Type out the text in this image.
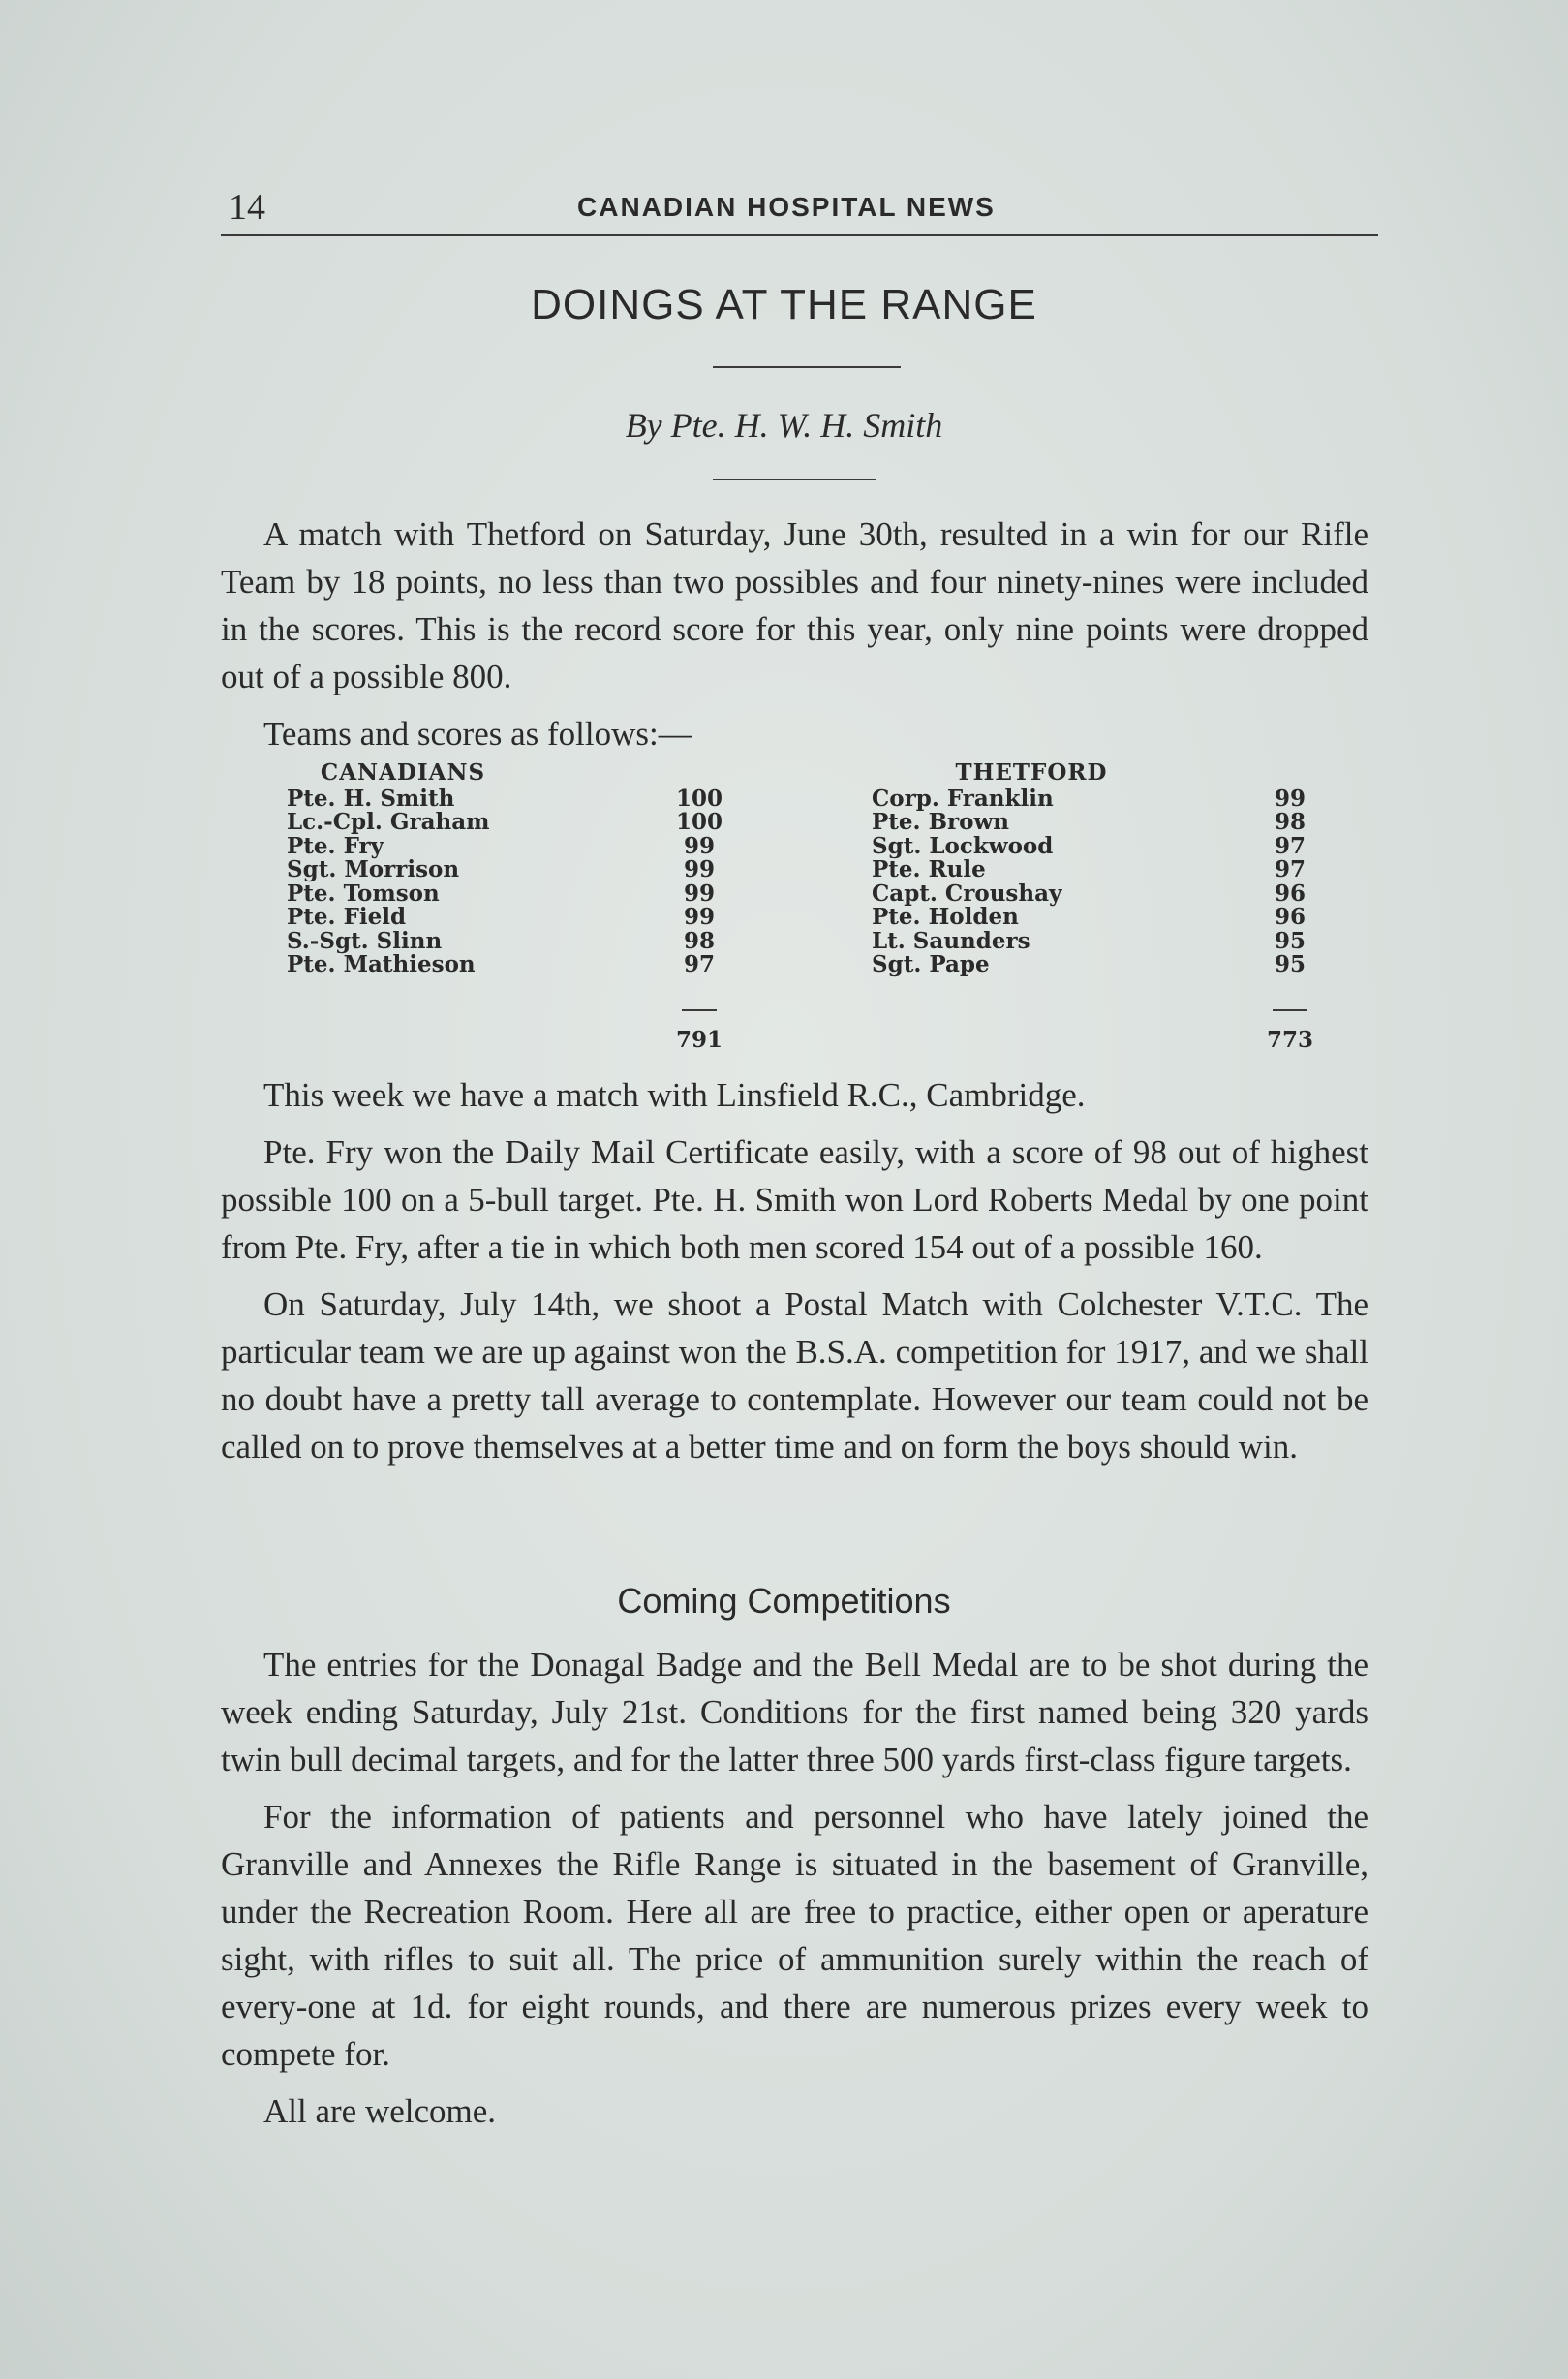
14	CANADIAN HOSPITAL NEWS
DOINGS AT THE RANGE
By Pte. H. W. H. Smith

A match with Thetford on Saturday, June 30th, resulted in a win for our Rifle Team by 18 points, no less than two possibles and four ninety-nines were included in the scores. This is the record score for this year, only nine points were dropped out of a possible 800.

Teams and scores as follows:—

CANADIANS
Pte. H. Smith	100
Lc.-Cpl. Graham	100
Pte. Fry	99
Sgt. Morrison	99
Pte. Tomson	99
Pte. Field	99
S.-Sgt. Slinn	98
Pte. Mathieson	97
791
THETFORD
Corp. Franklin	99
Pte. Brown	98
Sgt. Lockwood	97
Pte. Rule	97
Capt. Croushay	96
Pte. Holden	96
Lt. Saunders	95
Sgt. Pape	95
773

This week we have a match with Linsfield R.C., Cambridge.

Pte. Fry won the Daily Mail Certificate easily, with a score of 98 out of highest possible 100 on a 5-bull target. Pte. H. Smith won Lord Roberts Medal by one point from Pte. Fry, after a tie in which both men scored 154 out of a possible 160.

On Saturday, July 14th, we shoot a Postal Match with Colchester V.T.C. The particular team we are up against won the B.S.A. competition for 1917, and we shall no doubt have a pretty tall average to contemplate. However our team could not be called on to prove themselves at a better time and on form the boys should win.

Coming Competitions

The entries for the Donagal Badge and the Bell Medal are to be shot during the week ending Saturday, July 21st. Conditions for the first named being 320 yards twin bull decimal targets, and for the latter three 500 yards first-class figure targets.

For the information of patients and personnel who have lately joined the Granville and Annexes the Rifle Range is situated in the basement of Granville, under the Recreation Room. Here all are free to practice, either open or aperature sight, with rifles to suit all. The price of ammunition surely within the reach of every-one at 1d. for eight rounds, and there are numerous prizes every week to compete for.

All are welcome.
